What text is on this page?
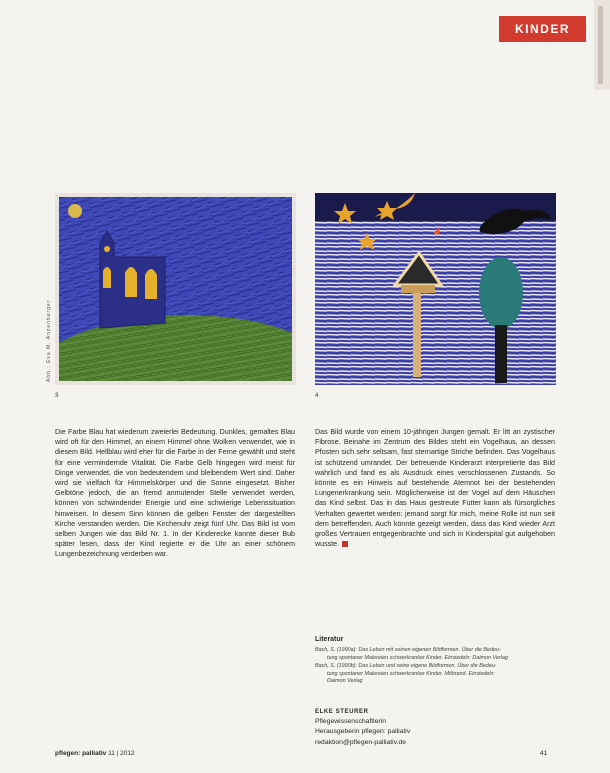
KINDER
Abb.: Eva M. Anzenberger
3	4
Die Farbe Blau hat wiederum zweierlei Bedeutung. Dunkles, gemaltes Blau wird oft für den Himmel, an einem Himmel ohne Wolken verwendet, wie in diesem Bild. Hellblau wird eher für die Farbe in der Ferne gewählt und steht für eine vermindernde Vitalität. Die Farbe Gelb hingegen wird meist für Dinge verwendet, die von bedeutendem und bleibendem Wert sind. Daher wird sie vielfach für Himmelskörper und die Sonne eingesetzt. Bisher Gelbtöne jedoch, die an fremd anmutender Stelle verwendet werden, können von schwindender Energie und eine schwierige Lebenssituation hinweisen. In diesem Sinn können die gelben Fenster der dargestellten Kirche verstanden werden. Die Kirchenuhr zeigt fünf Uhr. Das Bild ist vom selben Jungen wie das Bild Nr. 1. In der Kinderecke kannte dieser Bub später lesen, dass der Kind regierte er die Uhr an einer schönem Lungenbezeichnung verderben war.
Das Bild wurde von einem 10-jährigen Jungen gemalt. Er litt an zystischer Fibrose. Beinahe im Zentrum des Bildes steht ein Vogelhaus, an dessen Pfosten sich sehr seltsam, fast sternartige Striche befinden. Das Vogelhaus ist schützend umrandet. Der betreuende Kinderarzt interpretierte das Bild wahrlich und fand es als Ausdruck eines verschlossenen Zustands. So könnte es ein Hinweis auf bestehende Atemnot bei der bestehenden Lungenerkrankung sein. Möglicherweise ist der Vogel auf dem Häuschen das Kind selbst. Das in das Haus gestreute Futter kann als fürsorgliches Verhalten gewertet werden: jemand sorgt für mich, meine Rolle ist nun seit dem betreffenden. Auch könnte gezeigt werden, dass das Kind wieder Arzt großes Vertrauen entgegenbrachte und sich in Kinderspital gut aufgehoben wusste.
Literatur
Bach, S. (1990a): Das Leben mit seinen eigenen Bildformen. Über die Bedeu-
tung spontaner Malereien schwerkranker Kinder. Einsiedeln: Daimon Verlag
Bach, S. (1990b): Das Leben und seine eigene Bildformen. Über die Bedeu-
tung spontaner Malereien schwerkranker Kinder. Mitbrand. Einsiedeln:
Daimon Verlag
ELKE STEURER
Pflegewissenschaftlerin
Herausgeberin pflegen: palliativ
redaktion@pflegen-palliativ.de
pflegen: palliativ 11 | 2012	41
